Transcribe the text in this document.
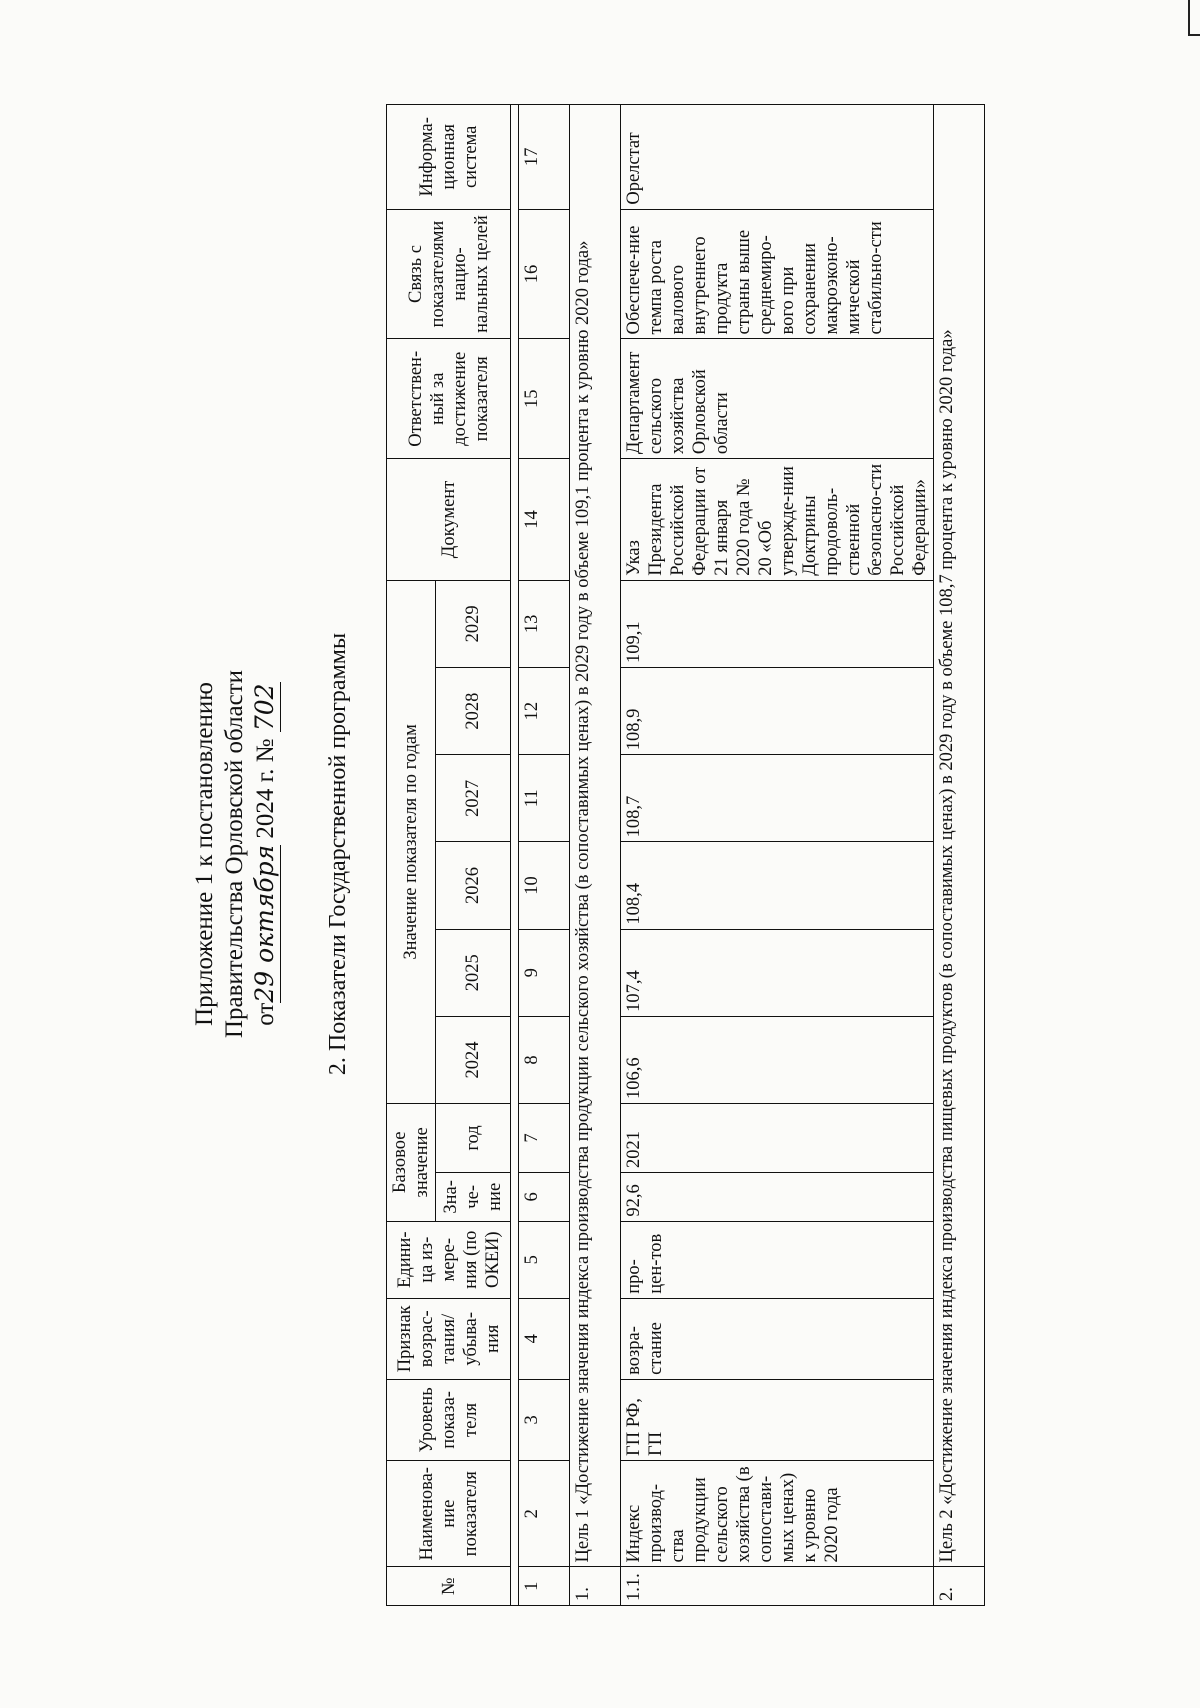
Приложение 1 к постановлению Правительства Орловской области от29 октября 2024 г. № 702 2. Показатели Государственной программы
№	Наименова-ние показателя	Уровень показа-теля	Признак возрас-тания/ убыва-ния	Едини-ца из-мере-ния (по ОКЕИ)	Базовое значение		Значение показателя по годам						Документ	Ответствен-ный за достижение показателя	Связь с показателями нацио-нальных целей	Информа-ционная система
					Зна-че-ние	год	2024	2025	2026	2027	2028	2029				

1	2	3	4	5	6	7	8	9	10	11	12	13	14	15	16	17
1.	Цель 1 «Достижение значения индекса производства продукции сельского хозяйства (в сопоставимых ценах) в 2029 году в объеме 109,1 процента к уровню 2020 года»															
1.1.	Индекс производ-ства продукции сельского хозяйства (в сопостави-мых ценах) к уровню 2020 года	ГП РФ, ГП	возра-стание	про-цен-тов	92,6	2021	106,6	107,4	108,4	108,7	108,9	109,1	Указ Президента Российской Федерации от 21 января 2020 года № 20 «Об утвержде-нии Доктрины продоволь-ственной безопасно-сти Российской Федерации»	Департамент сельского хозяйства Орловской области	Обеспече-ние темпа роста валового внутреннего продукта страны выше среднемиро-вого при сохранении макроэконо-мической стабильно-сти	Орелстат
2.	Цель 2 «Достижение значения индекса производства пищевых продуктов (в сопоставимых ценах) в 2029 году в объеме 108,7 процента к уровню 2020 года»															
